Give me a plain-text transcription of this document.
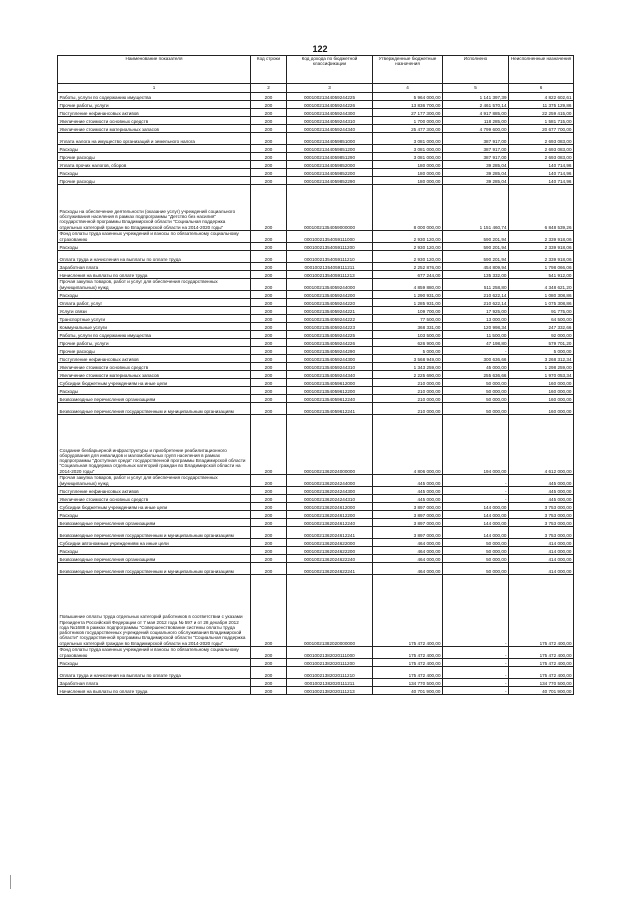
122
Наименование показателя	Код строки	Код дохода по бюджетной классификации	Утвержденные бюджетные назначения	Исполнено	Неисполненные назначения
1	2	3	4	5	6
Работы, услуги по содержанию имущества	200	00010021344059244225	5 964 000,00	1 141 397,39	4 822 602,61
Прочие работы, услуги	200	00010021344059244226	13 836 700,00	2 461 570,14	11 375 129,86
Поступление нефинансовых активов	200	00010021344059244300	27 177 300,00	4 917 885,00	22 259 415,00
Увеличение стоимости основных средств	200	00010021344059244310	1 700 000,00	118 285,00	1 581 715,00
Увеличение стоимости материальных запасов	200	00010021344059244340	25 477 300,00	4 799 600,00	20 677 700,00
Уплата налога на имущество организаций и земельного налога	200	00010021344059851000	3 081 000,00	387 917,00	2 693 083,00
Расходы	200	00010021344059851200	3 081 000,00	387 917,00	2 693 083,00
Прочие расходы	200	00010021344059851290	3 081 000,00	387 917,00	2 693 083,00
Уплата прочих налогов, сборов	200	00010021344059852000	180 000,00	39 285,04	140 714,96
Расходы	200	00010021344059852200	180 000,00	39 285,04	140 714,96
Прочие расходы	200	00010021344059852290	180 000,00	39 285,04	140 714,96
Расходы на обеспечение деятельности (оказание услуг) учреждений социального обслуживания населения в рамках подпрограммы "Детство без насилия" государственной программы Владимирской области "Социальная поддержка отдельных категорий граждан во Владимирской области на 2014-2020 годы"	200	00010021354059000000	8 000 000,00	1 151 460,74	6 848 539,26
Фонд оплаты труда казенных учреждений и взносы по обязательному социальному страхованию	200	00010021354059111000	2 930 120,00	590 201,94	2 339 918,06
Расходы	200	00010021354059111200	2 930 120,00	590 201,94	2 339 918,06
Оплата труда и начисления на выплаты по оплате труда	200	00010021354059111210	2 930 120,00	590 201,94	2 339 918,06
Заработная плата	200	00010021354059111211	2 252 876,00	454 809,94	1 798 066,06
Начисления на выплаты по оплате труда	200	00010021354059111213	677 244,00	135 332,00	541 912,00
Прочая закупка товаров, работ и услуг для обеспечения государственных (муниципальных) нужд	200	00010021354059244000	4 859 880,00	511 258,80	4 348 621,20
Расходы	200	00010021354059244200	1 290 931,00	210 622,14	1 080 308,86
Оплата работ, услуг	200	00010021354059244220	1 285 931,00	210 622,14	1 075 308,86
Услуги связи	200	00010021354059244221	109 700,00	17 925,00	91 775,00
Транспортные услуги	200	00010021354059244222	77 500,00	13 000,00	64 500,00
Коммунальные услуги	200	00010021354059244223	368 331,00	120 998,34	247 332,66
Работы, услуги по содержанию имущества	200	00010021354059244225	103 500,00	11 500,00	92 000,00
Прочие работы, услуги	200	00010021354059244226	626 900,00	47 198,80	579 701,20
Прочие расходы	200	00010021354059244290	5 000,00	-	5 000,00
Поступление нефинансовых активов	200	00010021354059244300	3 568 949,00	300 636,66	3 268 312,34
Увеличение стоимости основных средств	200	00010021354059244310	1 343 259,00	45 000,00	1 298 259,00
Увеличение стоимости материальных запасов	200	00010021354059244340	2 225 690,00	255 636,66	1 970 053,34
Субсидии бюджетным учреждениям на иные цели	200	00010021354059612000	210 000,00	50 000,00	160 000,00
Расходы	200	00010021354059612200	210 000,00	50 000,00	160 000,00
Безвозмездные перечисления организациям	200	00010021354059612240	210 000,00	50 000,00	160 000,00
Безвозмездные перечисления государственным и муниципальным организациям	200	00010021354059612241	210 000,00	50 000,00	160 000,00
Создание безбарьерной инфраструктуры и приобретение реабилитационного оборудования для инвалидов и маломобильных групп населения в рамках подпрограммы "Доступная среда" государственной программы Владимирской области "Социальная поддержка отдельных категорий граждан во Владимирской области на 2014-2020 годы"	200	00010021362024000000	4 806 000,00	194 000,00	4 612 000,00
Прочая закупка товаров, работ и услуг для обеспечения государственных (муниципальных) нужд	200	00010021362024244000	445 000,00	-	445 000,00
Поступление нефинансовых активов	200	00010021362024244300	445 000,00	-	445 000,00
Увеличение стоимости основных средств	200	00010021362024244310	445 000,00	-	445 000,00
Субсидии бюджетным учреждениям на иные цели	200	00010021362024612000	3 897 000,00	144 000,00	3 753 000,00
Расходы	200	00010021362024612200	3 897 000,00	144 000,00	3 753 000,00
Безвозмездные перечисления организациям	200	00010021362024612240	3 897 000,00	144 000,00	3 753 000,00
Безвозмездные перечисления государственным и муниципальным организациям	200	00010021362024612241	3 897 000,00	144 000,00	3 753 000,00
Субсидии автономным учреждениям на иные цели	200	00010021362024622000	464 000,00	50 000,00	414 000,00
Расходы	200	00010021362024622200	464 000,00	50 000,00	414 000,00
Безвозмездные перечисления организациям	200	00010021362024622240	464 000,00	50 000,00	414 000,00
Безвозмездные перечисления государственным и муниципальным организациям	200	00010021362024622241	464 000,00	50 000,00	414 000,00
Повышение оплаты труда отдельных категорий работников в соответствии с указами Президента Российской Федерации от 7 мая 2012 года № 597 и от 28 декабря 2012 года №1688 в рамках подпрограммы "Совершенствование системы оплаты труда работников государственных учреждений социального обслуживания Владимирской области" государственной программы Владимирской области "Социальная поддержка отдельных категорий граждан во Владимирской области на 2014-2020 годы"	200	00010021382020000000	175 472 400,00	-	175 472 400,00
Фонд оплаты труда казенных учреждений и взносы по обязательному социальному страхованию	200	00010021382020111000	175 472 400,00	-	175 472 400,00
Расходы	200	00010021382020111200	175 472 400,00	-	175 472 400,00
Оплата труда и начисления на выплаты по оплате труда	200	00010021382020111210	175 472 400,00	-	175 472 400,00
Заработная плата	200	00010021382020111211	134 770 500,00	-	134 770 500,00
Начисления на выплаты по оплате труда	200	00010021382020111213	40 701 900,00	-	40 701 900,00
